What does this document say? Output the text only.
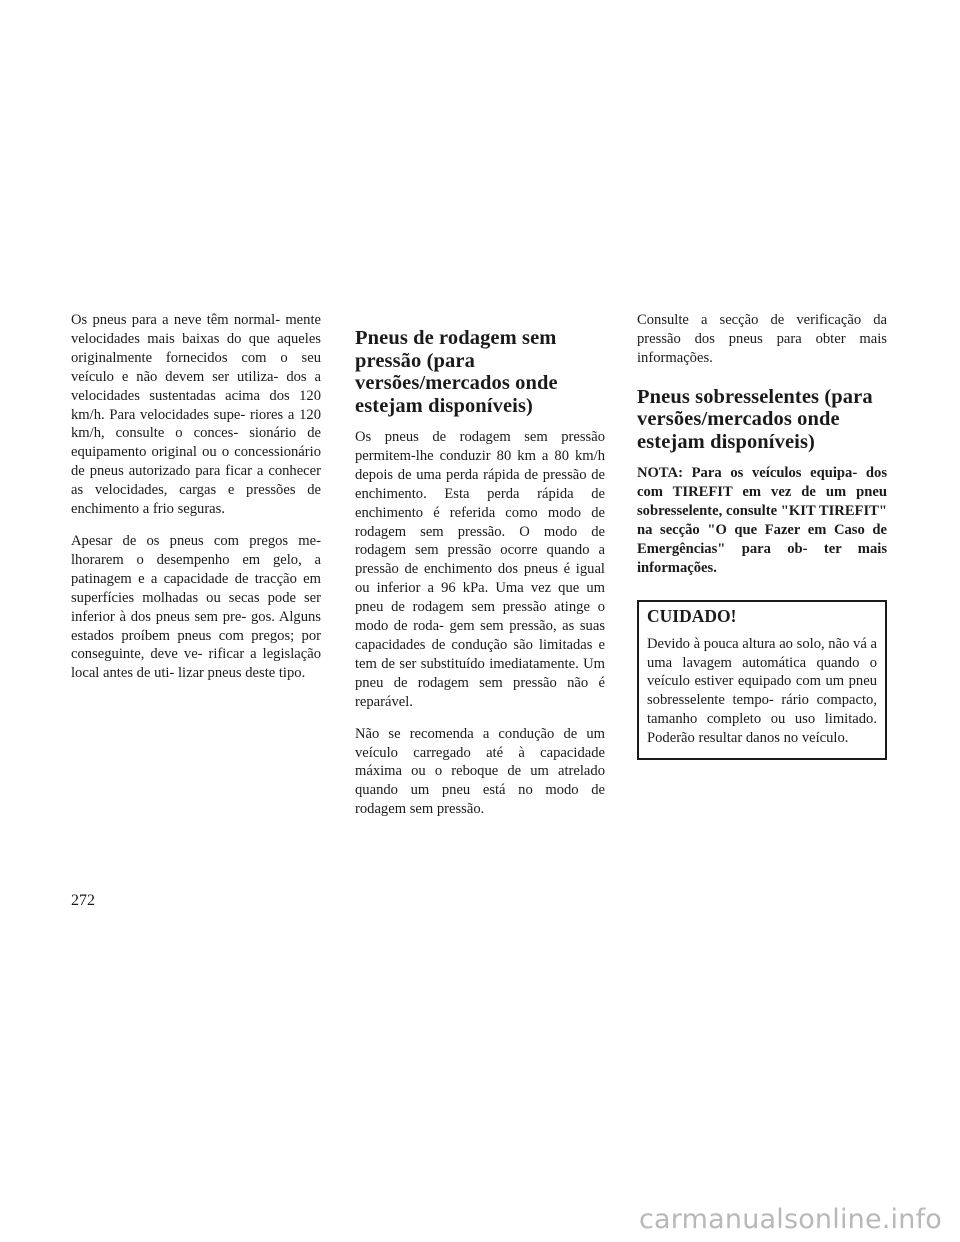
Os pneus para a neve têm normal- mente velocidades mais baixas do que aqueles originalmente fornecidos com o seu veículo e não devem ser utiliza- dos a velocidades sustentadas acima dos 120 km/h. Para velocidades supe- riores a 120 km/h, consulte o conces- sionário de equipamento original ou o concessionário de pneus autorizado para ficar a conhecer as velocidades, cargas e pressões de enchimento a frio seguras.

Apesar de os pneus com pregos me- lhorarem o desempenho em gelo, a patinagem e a capacidade de tracção em superfícies molhadas ou secas pode ser inferior à dos pneus sem pre- gos. Alguns estados proíbem pneus com pregos; por conseguinte, deve ve- rificar a legislação local antes de uti- lizar pneus deste tipo.

Pneus de rodagem sem pressão (para versões/mercados onde estejam disponíveis)

Os pneus de rodagem sem pressão permitem-lhe conduzir 80 km a 80 km/h depois de uma perda rápida de pressão de enchimento. Esta perda rápida de enchimento é referida como modo de rodagem sem pressão. O modo de rodagem sem pressão ocorre quando a pressão de enchimento dos pneus é igual ou inferior a 96 kPa. Uma vez que um pneu de rodagem sem pressão atinge o modo de roda- gem sem pressão, as suas capacidades de condução são limitadas e tem de ser substituído imediatamente. Um pneu de rodagem sem pressão não é reparável.

Não se recomenda a condução de um veículo carregado até à capacidade máxima ou o reboque de um atrelado quando um pneu está no modo de rodagem sem pressão.

Consulte a secção de verificação da pressão dos pneus para obter mais informações.

Pneus sobresselentes (para versões/mercados onde estejam disponíveis)

NOTA: Para os veículos equipa- dos com TIREFIT em vez de um pneu sobresselente, consulte "KIT TIREFIT" na secção "O que Fazer em Caso de Emergências" para ob- ter mais informações.

CUIDADO!

Devido à pouca altura ao solo, não vá a uma lavagem automática quando o veículo estiver equipado com um pneu sobresselente tempo- rário compacto, tamanho completo ou uso limitado. Poderão resultar danos no veículo.

272
carmanualsonline.info
